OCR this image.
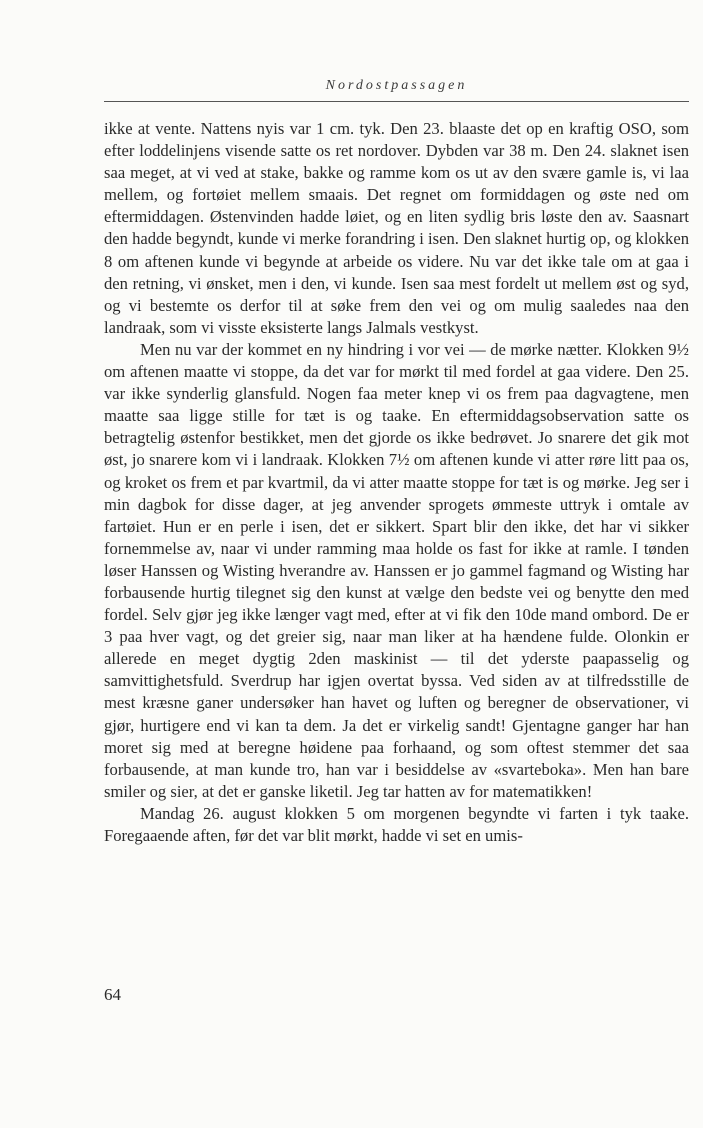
Nordostpassagen

ikke at vente. Nattens nyis var 1 cm. tyk. Den 23. blaaste det op en kraftig OSO, som efter loddelinjens visende satte os ret nordover. Dybden var 38 m. Den 24. slaknet isen saa meget, at vi ved at stake, bakke og ramme kom os ut av den svære gamle is, vi laa mellem, og fortøiet mellem smaais. Det regnet om formiddagen og øste ned om eftermiddagen. Østenvinden hadde løiet, og en liten sydlig bris løste den av. Saasnart den hadde begyndt, kunde vi merke forandring i isen. Den slaknet hurtig op, og klokken 8 om aftenen kunde vi begynde at arbeide os videre. Nu var det ikke tale om at gaa i den retning, vi ønsket, men i den, vi kunde. Isen saa mest fordelt ut mellem øst og syd, og vi bestemte os derfor til at søke frem den vei og om mulig saaledes naa den landraak, som vi visste eksisterte langs Jalmals vestkyst.

Men nu var der kommet en ny hindring i vor vei — de mørke nætter. Klokken 9½ om aftenen maatte vi stoppe, da det var for mørkt til med fordel at gaa videre. Den 25. var ikke synderlig glansfuld. Nogen faa meter knep vi os frem paa dagvagtene, men maatte saa ligge stille for tæt is og taake. En eftermiddagsobservation satte os betragtelig østenfor bestikket, men det gjorde os ikke bedrøvet. Jo snarere det gik mot øst, jo snarere kom vi i landraak. Klokken 7½ om aftenen kunde vi atter røre litt paa os, og kroket os frem et par kvartmil, da vi atter maatte stoppe for tæt is og mørke. Jeg ser i min dagbok for disse dager, at jeg anvender sprogets ømmeste uttryk i omtale av fartøiet. Hun er en perle i isen, det er sikkert. Spart blir den ikke, det har vi sikker fornemmelse av, naar vi under ramming maa holde os fast for ikke at ramle. I tønden løser Hanssen og Wisting hverandre av. Hanssen er jo gammel fagmand og Wisting har forbausende hurtig tilegnet sig den kunst at vælge den bedste vei og benytte den med fordel. Selv gjør jeg ikke længer vagt med, efter at vi fik den 10de mand ombord. De er 3 paa hver vagt, og det greier sig, naar man liker at ha hændene fulde. Olonkin er allerede en meget dygtig 2den maskinist — til det yderste paapasselig og samvittighetsfuld. Sverdrup har igjen overtat byssa. Ved siden av at tilfredsstille de mest kræsne ganer undersøker han havet og luften og beregner de observationer, vi gjør, hurtigere end vi kan ta dem. Ja det er virkelig sandt! Gjentagne ganger har han moret sig med at beregne høidene paa forhaand, og som oftest stemmer det saa forbausende, at man kunde tro, han var i besiddelse av «svarteboka». Men han bare smiler og sier, at det er ganske liketil. Jeg tar hatten av for matematikken!

Mandag 26. august klokken 5 om morgenen begyndte vi farten i tyk taake. Foregaaende aften, før det var blit mørkt, hadde vi set en umis-

64
